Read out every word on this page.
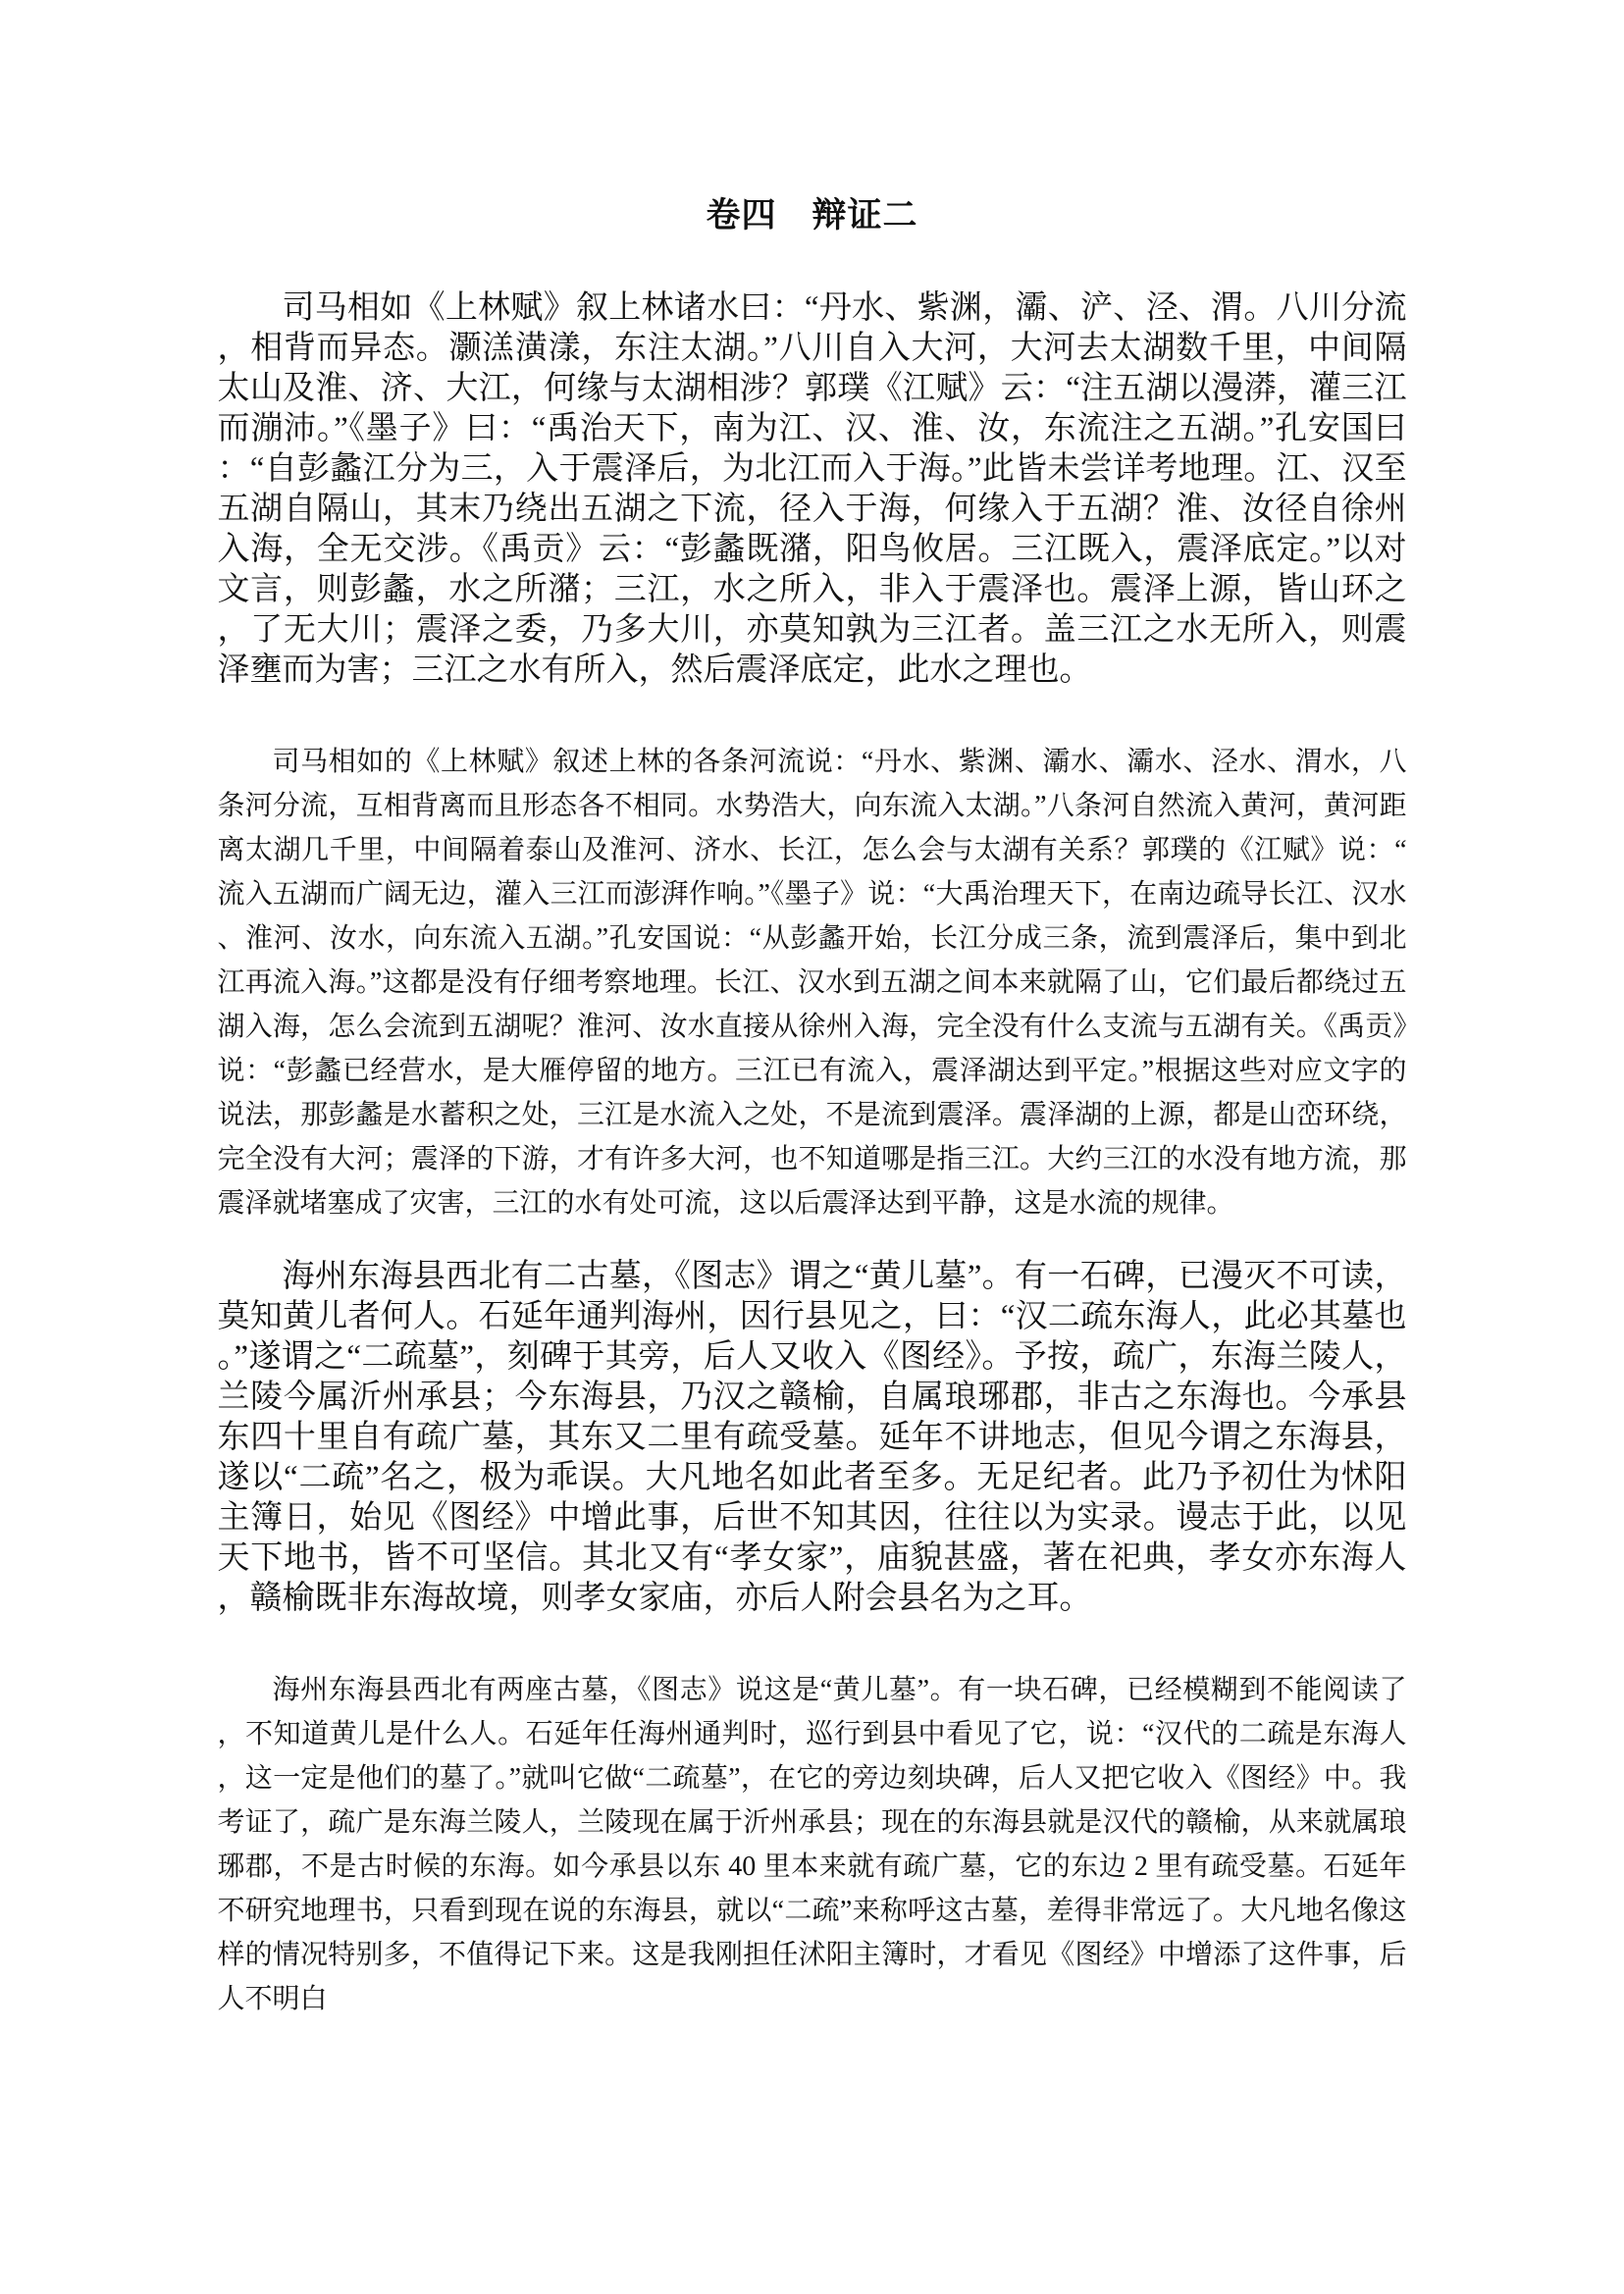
卷四　辩证二

司马相如《上林赋》叙上林诸水曰：“丹水、紫渊，灞、浐、泾、渭。八川分流，相背而异态。灏溔潢漾，东注太湖。”八川自入大河，大河去太湖数千里，中间隔太山及淮、济、大江，何缘与太湖相涉？郭璞《江赋》云：“注五湖以漫漭，灌三江而漰沛。”《墨子》曰：“禹治天下，南为江、汉、淮、汝，东流注之五湖。”孔安国曰：“自彭蠡江分为三，入于震泽后，为北江而入于海。”此皆未尝详考地理。江、汉至五湖自隔山，其末乃绕出五湖之下流，径入于海，何缘入于五湖？淮、汝径自徐州入海，全无交涉。《禹贡》云：“彭蠡既潴，阳鸟攸居。三江既入，震泽底定。”以对文言，则彭蠡，水之所潴；三江，水之所入，非入于震泽也。震泽上源，皆山环之，了无大川；震泽之委，乃多大川，亦莫知孰为三江者。盖三江之水无所入，则震泽壅而为害；三江之水有所入，然后震泽底定，此水之理也。

司马相如的《上林赋》叙述上林的各条河流说：“丹水、紫渊、灞水、灞水、泾水、渭水，八条河分流，互相背离而且形态各不相同。水势浩大，向东流入太湖。”八条河自然流入黄河，黄河距离太湖几千里，中间隔着泰山及淮河、济水、长江，怎么会与太湖有关系？郭璞的《江赋》说：“流入五湖而广阔无边，灌入三江而澎湃作响。”《墨子》说：“大禹治理天下，在南边疏导长江、汉水、淮河、汝水，向东流入五湖。”孔安国说：“从彭蠡开始，长江分成三条，流到震泽后，集中到北江再流入海。”这都是没有仔细考察地理。长江、汉水到五湖之间本来就隔了山，它们最后都绕过五湖入海，怎么会流到五湖呢？淮河、汝水直接从徐州入海，完全没有什么支流与五湖有关。《禹贡》说：“彭蠡已经营水，是大雁停留的地方。三江已有流入，震泽湖达到平定。”根据这些对应文字的说法，那彭蠡是水蓄积之处，三江是水流入之处，不是流到震泽。震泽湖的上源，都是山峦环绕，完全没有大河；震泽的下游，才有许多大河，也不知道哪是指三江。大约三江的水没有地方流，那震泽就堵塞成了灾害，三江的水有处可流，这以后震泽达到平静，这是水流的规律。

海州东海县西北有二古墓，《图志》谓之“黄儿墓”。有一石碑，已漫灭不可读，莫知黄儿者何人。石延年通判海州，因行县见之，曰：“汉二疏东海人，此必其墓也。”遂谓之“二疏墓”，刻碑于其旁，后人又收入《图经》。予按，疏广，东海兰陵人，兰陵今属沂州承县；今东海县，乃汉之赣榆，自属琅琊郡，非古之东海也。今承县东四十里自有疏广墓，其东又二里有疏受墓。延年不讲地志，但见今谓之东海县，遂以“二疏”名之，极为乖误。大凡地名如此者至多。无足纪者。此乃予初仕为怵阳主簿日，始见《图经》中增此事，后世不知其因，往往以为实录。谩志于此，以见天下地书，皆不可坚信。其北又有“孝女家”，庙貌甚盛，著在祀典，孝女亦东海人，赣榆既非东海故境，则孝女家庙，亦后人附会县名为之耳。

海州东海县西北有两座古墓，《图志》说这是“黄儿墓”。有一块石碑，已经模糊到不能阅读了，不知道黄儿是什么人。石延年任海州通判时，巡行到县中看见了它，说：“汉代的二疏是东海人，这一定是他们的墓了。”就叫它做“二疏墓”，在它的旁边刻块碑，后人又把它收入《图经》中。我考证了，疏广是东海兰陵人，兰陵现在属于沂州承县；现在的东海县就是汉代的赣榆，从来就属琅琊郡，不是古时候的东海。如今承县以东 40 里本来就有疏广墓，它的东边 2 里有疏受墓。石延年不研究地理书，只看到现在说的东海县，就以“二疏”来称呼这古墓，差得非常远了。大凡地名像这样的情况特别多，不值得记下来。这是我刚担任沭阳主簿时，才看见《图经》中增添了这件事，后人不明白
